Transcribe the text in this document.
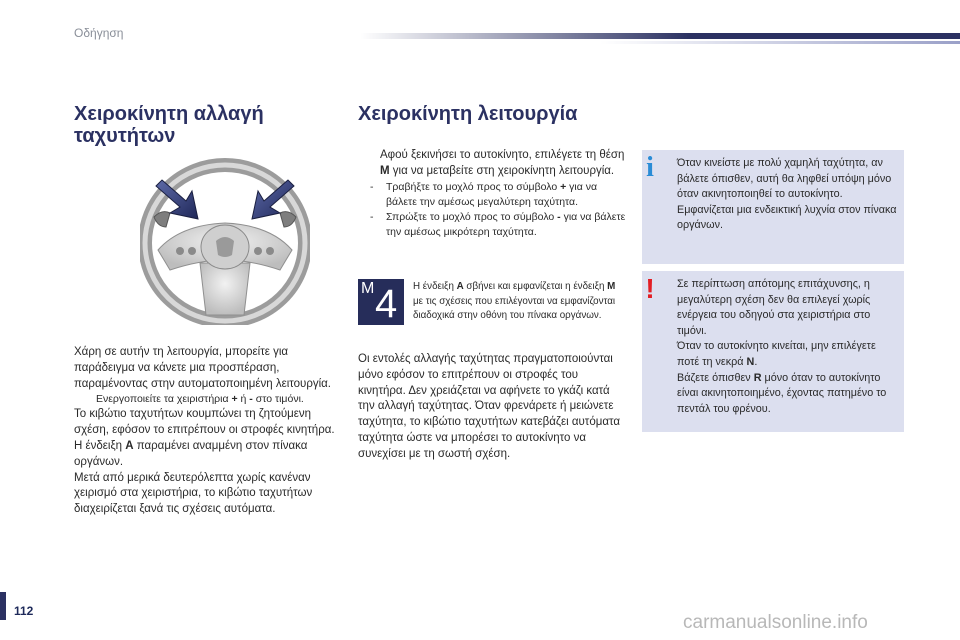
Οδήγηση
Χειροκίνητη αλλαγή
ταχυτήτων

Χάρη σε αυτήν τη λειτουργία, μπορείτε για παράδειγμα να κάνετε μια προσπέραση, παραμένοντας στην αυτοματοποιημένη λειτουργία.

Ενεργοποιείτε τα χειριστήρια + ή - στο τιμόνι.

Το κιβώτιο ταχυτήτων κουμπώνει τη ζητούμενη σχέση, εφόσον το επιτρέπουν οι στροφές κινητήρα. Η ένδειξη A παραμένει αναμμένη στον πίνακα οργάνων.

Μετά από μερικά δευτερόλεπτα χωρίς κανέναν χειρισμό στα χειριστήρια, το κιβώτιο ταχυτήτων διαχειρίζεται ξανά τις σχέσεις αυτόματα.

Χειροκίνητη λειτουργία
Αφού ξεκινήσει το αυτοκίνητο, επιλέγετε τη θέση M για να μεταβείτε στη χειροκίνητη λειτουργία.
-	Τραβήξτε το μοχλό προς το σύμβολο + για να βάλετε την αμέσως μεγαλύτερη ταχύτητα.
-	Σπρώξτε το μοχλό προς το σύμβολο - για να βάλετε την αμέσως μικρότερη ταχύτητα.
M 4 Η ένδειξη A σβήνει και εμφανίζεται η ένδειξη M με τις σχέσεις που επιλέγονται να εμφανίζονται διαδοχικά στην οθόνη του πίνακα οργάνων.
Οι εντολές αλλαγής ταχύτητας πραγματοποιούνται μόνο εφόσον το επιτρέπουν οι στροφές του κινητήρα. Δεν χρειάζεται να αφήνετε το γκάζι κατά την αλλαγή ταχύτητας. Όταν φρενάρετε ή μειώνετε ταχύτητα, το κιβώτιο ταχυτήτων κατεβάζει αυτόματα ταχύτητα ώστε να μπορέσει το αυτοκίνητο να συνεχίσει με τη σωστή σχέση.
i	Όταν κινείστε με πολύ χαμηλή ταχύτητα, αν βάλετε όπισθεν, αυτή θα ληφθεί υπόψη μόνο όταν ακινητοποιηθεί το αυτοκίνητο. Εμφανίζεται μια ενδεικτική λυχνία στον πίνακα οργάνων.
!	Σε περίπτωση απότομης επιτάχυνσης, η μεγαλύτερη σχέση δεν θα επιλεγεί χωρίς ενέργεια του οδηγού στα χειριστήρια στο τιμόνι.
Όταν το αυτοκίνητο κινείται, μην επιλέγετε ποτέ τη νεκρά N.
Βάζετε όπισθεν R μόνο όταν το αυτοκίνητο είναι ακινητοποιημένο, έχοντας πατημένο το πεντάλ του φρένου.
112
carmanualsonline.info
